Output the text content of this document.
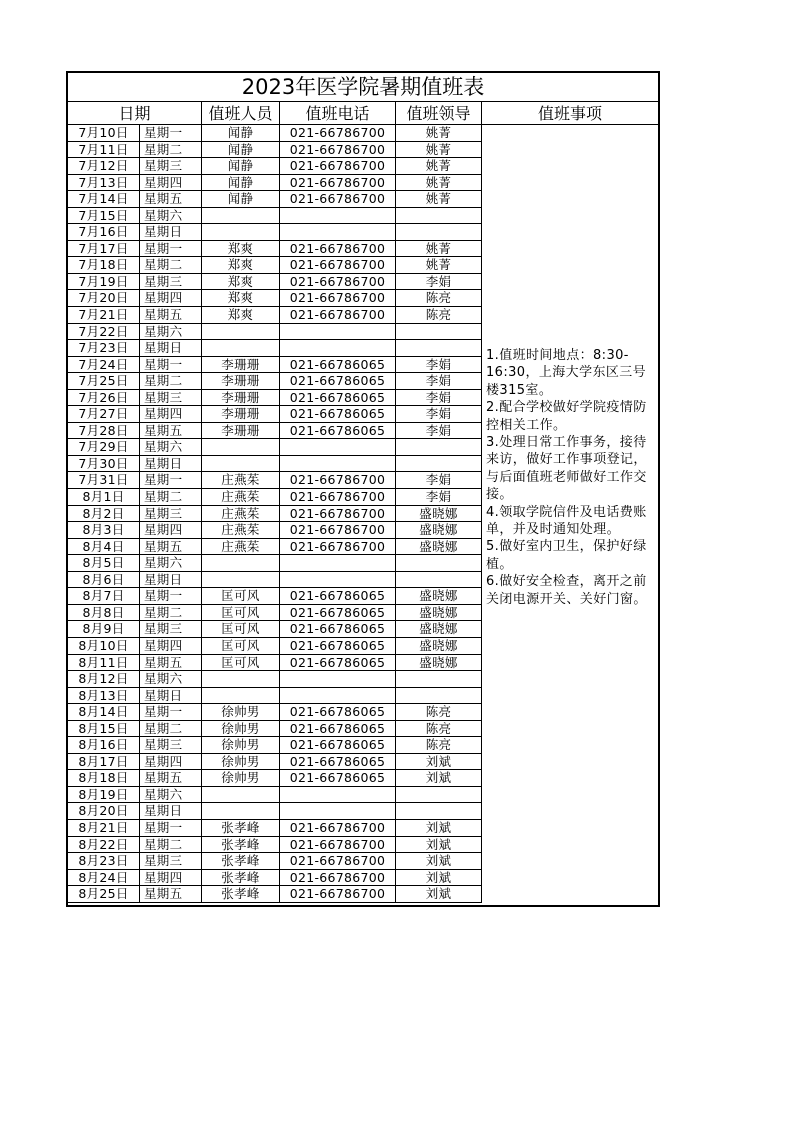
2023年医学院暑期值班表
日期	值班人员	值班电话	值班领导	值班事项
7月10日	星期一	闻静	021-66786700	姚菁
7月11日	星期二	闻静	021-66786700	姚菁
7月12日	星期三	闻静	021-66786700	姚菁
7月13日	星期四	闻静	021-66786700	姚菁
7月14日	星期五	闻静	021-66786700	姚菁
7月15日	星期六
7月16日	星期日
7月17日	星期一	郑爽	021-66786700	姚菁
7月18日	星期二	郑爽	021-66786700	姚菁
7月19日	星期三	郑爽	021-66786700	李娟
7月20日	星期四	郑爽	021-66786700	陈亮
7月21日	星期五	郑爽	021-66786700	陈亮
7月22日	星期六
7月23日	星期日
7月24日	星期一	李珊珊	021-66786065	李娟
7月25日	星期二	李珊珊	021-66786065	李娟
7月26日	星期三	李珊珊	021-66786065	李娟
7月27日	星期四	李珊珊	021-66786065	李娟
7月28日	星期五	李珊珊	021-66786065	李娟
7月29日	星期六
7月30日	星期日
7月31日	星期一	庄燕茱	021-66786700	李娟
8月1日	星期二	庄燕茱	021-66786700	李娟
8月2日	星期三	庄燕茱	021-66786700	盛晓娜
8月3日	星期四	庄燕茱	021-66786700	盛晓娜
8月4日	星期五	庄燕茱	021-66786700	盛晓娜
8月5日	星期六
8月6日	星期日
8月7日	星期一	匡可风	021-66786065	盛晓娜
8月8日	星期二	匡可风	021-66786065	盛晓娜
8月9日	星期三	匡可风	021-66786065	盛晓娜
8月10日	星期四	匡可风	021-66786065	盛晓娜
8月11日	星期五	匡可风	021-66786065	盛晓娜
8月12日	星期六
8月13日	星期日
8月14日	星期一	徐帅男	021-66786065	陈亮
8月15日	星期二	徐帅男	021-66786065	陈亮
8月16日	星期三	徐帅男	021-66786065	陈亮
8月17日	星期四	徐帅男	021-66786065	刘斌
8月18日	星期五	徐帅男	021-66786065	刘斌
8月19日	星期六
8月20日	星期日
8月21日	星期一	张孝峰	021-66786700	刘斌
8月22日	星期二	张孝峰	021-66786700	刘斌
8月23日	星期三	张孝峰	021-66786700	刘斌
8月24日	星期四	张孝峰	021-66786700	刘斌
8月25日	星期五	张孝峰	021-66786700	刘斌

1.值班时间地点：8:30-16:30，上海大学东区三号楼315室。

2.配合学校做好学院疫情防控相关工作。

3.处理日常工作事务，接待来访，做好工作事项登记，与后面值班老师做好工作交接。

4.领取学院信件及电话费账单，并及时通知处理。

5.做好室内卫生，保护好绿植。

6.做好安全检查，离开之前关闭电源开关、关好门窗。
